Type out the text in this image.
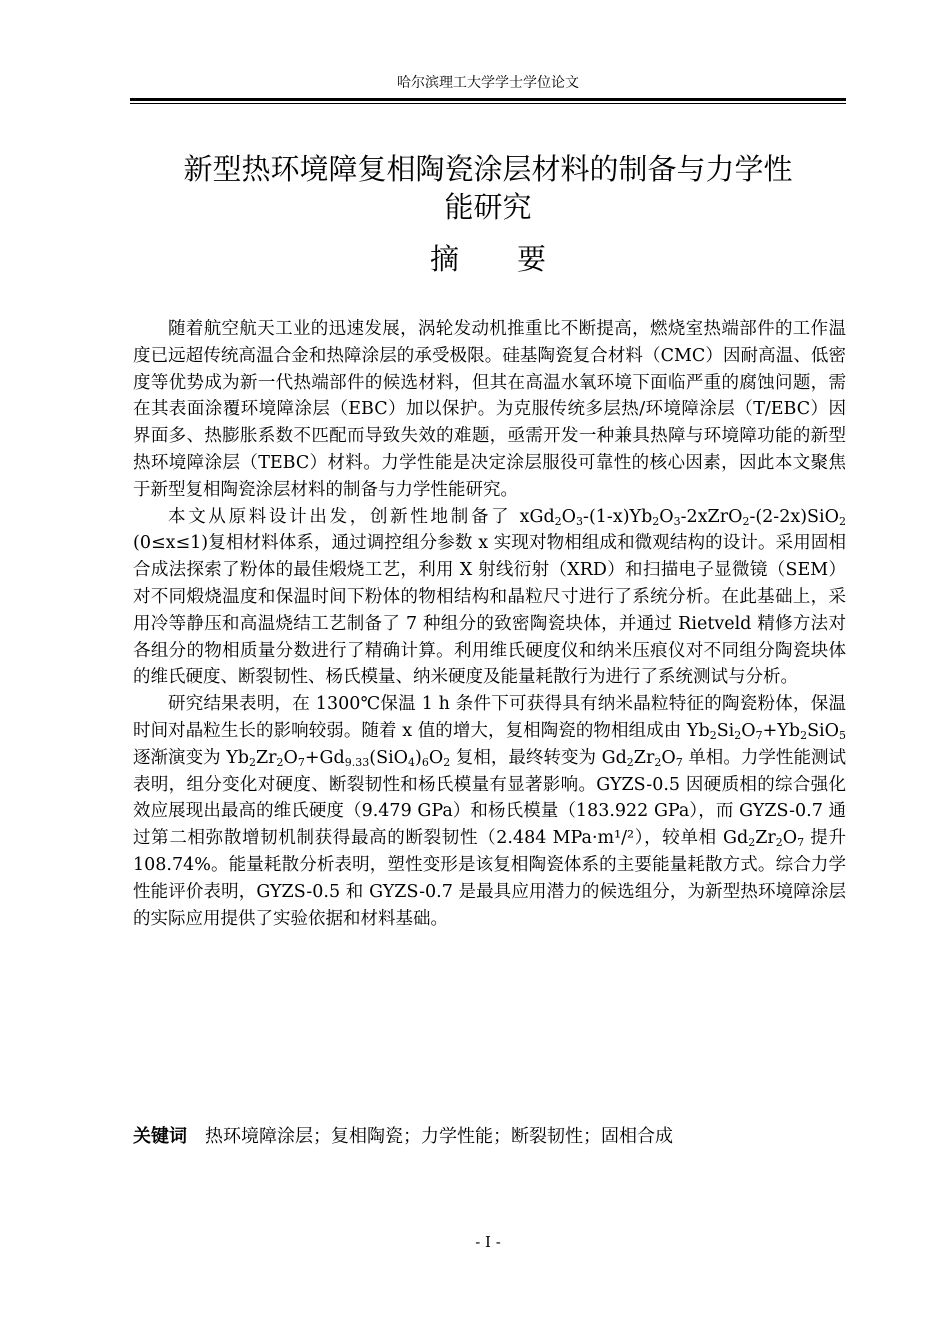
哈尔滨理工大学学士学位论文
新型热环境障复相陶瓷涂层材料的制备与力学性
能研究
摘要

随着航空航天工业的迅速发展，涡轮发动机推重比不断提高，燃烧室热端部件的工作温度已远超传统高温合金和热障涂层的承受极限。硅基陶瓷复合材料（CMC）因耐高温、低密度等优势成为新一代热端部件的候选材料，但其在高温水氧环境下面临严重的腐蚀问题，需在其表面涂覆环境障涂层（EBC）加以保护。为克服传统多层热/环境障涂层（T/EBC）因界面多、热膨胀系数不匹配而导致失效的难题，亟需开发一种兼具热障与环境障功能的新型热环境障涂层（TEBC）材料。力学性能是决定涂层服役可靠性的核心因素，因此本文聚焦于新型复相陶瓷涂层材料的制备与力学性能研究。

本文从原料设计出发，创新性地制备了 $xGd_2O_3-(1-x)Yb_2O_3-2xZrO_2-(2-2x)SiO_2$ (0≤x≤1)复相材料体系，通过调控组分参数 x 实现对物相组成和微观结构的设计。采用固相合成法探索了粉体的最佳煅烧工艺，利用 X 射线衍射（XRD）和扫描电子显微镜（SEM）对不同煅烧温度和保温时间下粉体的物相结构和晶粒尺寸进行了系统分析。在此基础上，采用冷等静压和高温烧结工艺制备了 7 种组分的致密陶瓷块体，并通过 Rietveld 精修方法对各组分的物相质量分数进行了精确计算。利用维氏硬度仪和纳米压痕仪对不同组分陶瓷块体的维氏硬度、断裂韧性、杨氏模量、纳米硬度及能量耗散行为进行了系统测试与分析。

研究结果表明，在 1300℃保温 1 h 条件下可获得具有纳米晶粒特征的陶瓷粉体，保温时间对晶粒生长的影响较弱。随着 x 值的增大，复相陶瓷的物相组成由 $Yb_2Si_2O_7+Yb_2SiO_5$ 逐渐演变为 $Yb_2Zr_2O_7+Gd_{9.33}(SiO_4)_6O_2$ 复相，最终转变为 $Gd_2Zr_2O_7$ 单相。力学性能测试表明，组分变化对硬度、断裂韧性和杨氏模量有显著影响。GYZS-0.5 因硬质相的综合强化效应展现出最高的维氏硬度（9.479 GPa）和杨氏模量（183.922 GPa），而 GYZS-0.7 通过第二相弥散增韧机制获得最高的断裂韧性（2.484 MPa·m¹/²），较单相 $Gd_2Zr_2O_7$ 提升 108.74%。能量耗散分析表明，塑性变形是该复相陶瓷体系的主要能量耗散方式。综合力学性能评价表明，GYZS-0.5 和 GYZS-0.7 是最具应用潜力的候选组分，为新型热环境障涂层的实际应用提供了实验依据和材料基础。

关键词 热环境障涂层；复相陶瓷；力学性能；断裂韧性；固相合成
- I -
